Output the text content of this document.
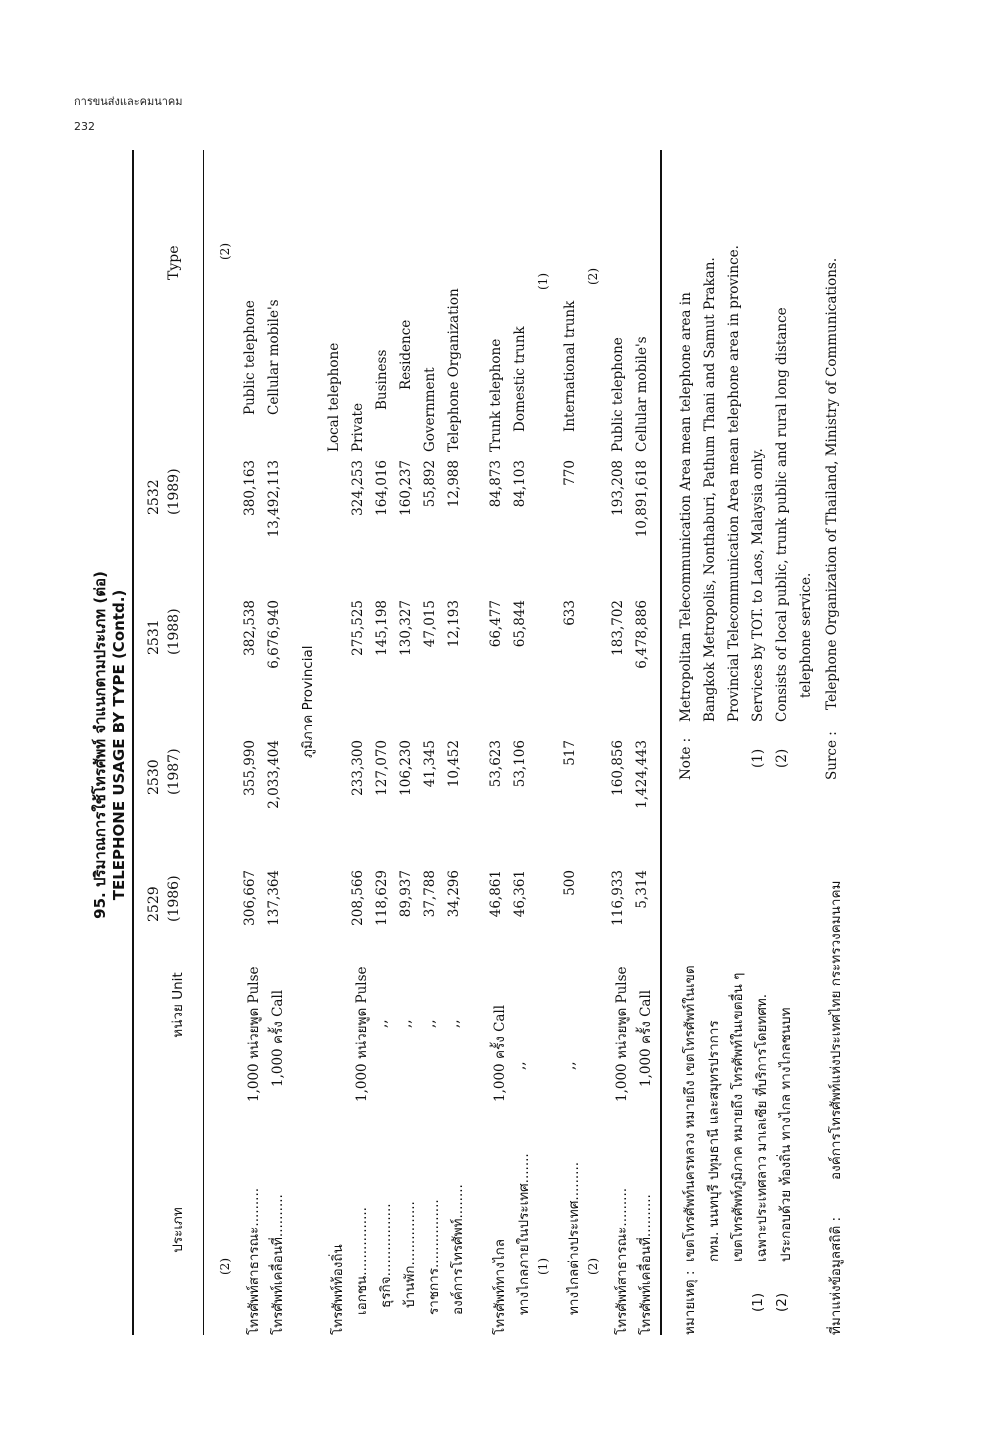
การขนส่งและคมนาคม
232
95. ปริมาณการใช้โทรศัพท์ จำแนกตามประเภท (ต่อ) TELEPHONE USAGE BY TYPE (Contd.)
ประเภท
หน่วย Unit
2529 (1986)
2530 (1987)
2531 (1988)
2532 (1989)
Type
(2)
(2)
โทรศัพท์สาธารณะ.........
1,000 หน่วยพูด Pulse
306,667
355,990
382,538
380,163
Public telephone
โทรศัพท์เคลื่อนที่..........
1,000 ครั้ง Call
137,364
2,033,404
6,676,940
13,492,113
Cellular mobile's
ภูมิภาค Provincial
โทรศัพท์ท้องถิ่น
Local telephone
เอกชน................
1,000 หน่วยพูด Pulse
208,566
233,300
275,525
324,253
Private
ธุรกิจ.................
,,
118,629
127,070
145,198
164,016
Business
บ้านพัก...............
,,
89,937
106,230
130,327
160,237
Residence
ราชการ................
,,
37,788
41,345
47,015
55,892
Government
องค์การโทรศัพท์........
,,
34,296
10,452
12,193
12,988
Telephone Organization
โทรศัพท์ทางไกล
1,000 ครั้ง Call
46,861
53,623
66,477
84,873
Trunk telephone
ทางไกลภายในประเทศ.......
,,
46,361
53,106
65,844
84,103
Domestic trunk
(1)
(1)
ทางไกลต่างประเทศ.........
,,
500
517
633
770
International trunk
(2)
(2)
โทรศัพท์สาธารณะ.........
1,000 หน่วยพูด Pulse
116,933
160,856
183,702
193,208
Public telephone
โทรศัพท์เคลื่อนที่..........
1,000 ครั้ง Call
5,314
1,424,443
6,478,886
10,891,618
Cellular mobile's
หมายเหตุ :
เขตโทรศัพท์นครหลวง หมายถึง เขตโทรศัพท์ในเขต กทม. นนทบุรี ปทุมธานี และสมุทรปราการ เขตโทรศัพท์ภูมิภาค หมายถึง โทรศัพท์ในเขตอื่น ๆ
(1)
เฉพาะประเทศลาว มาเลเซีย ที่บริการโดยทศท.
(2)
ประกอบด้วย ท้องถิ่น ทางไกล ทางไกลชนบท
ที่มาแห่งข้อมูลสถิติ :
องค์การโทรศัพท์แห่งประเทศไทย กระทรวงคมนาคม
Note :
Metropolitan Telecommunication Area mean telephone area in Bangkok Metropolis, Nonthaburi, Pathum Thani and Samut Prakan. Provincial Telecommunication Area mean telephone area in province.
(1)
Services by TOT. to Laos, Malaysia only.
(2)
Consists of local public, trunk public and rural long distance telephone service.
Surce :
Telephone Organization of Thailand, Ministry of Communications.
